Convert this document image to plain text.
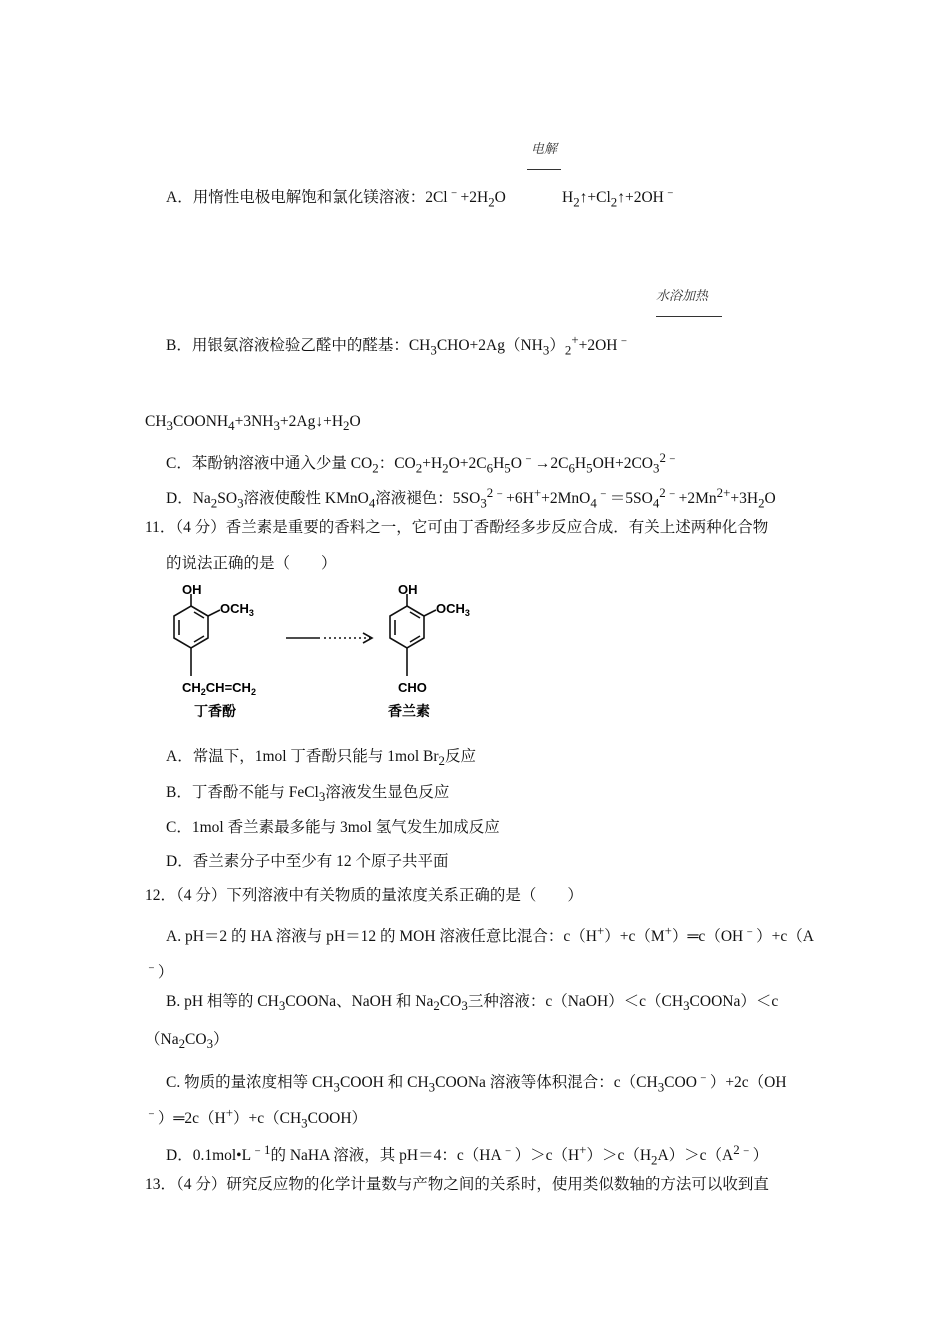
电解
A．用惰性电极电解饱和氯化镁溶液：$2Cl^﹣+2H_2O$	$H_2↑+Cl_2↑+2OH^﹣$
水浴加热
B．用银氨溶液检验乙醛中的醛基：$CH_3CHO+2Ag(NH_3)_2^++2OH^﹣$
$CH_3COONH_4+3NH_3+2Ag↓+H_2O$
C．苯酚钠溶液中通入少量 $CO_2$：$CO_2+H_2O+2C_6H_5O^﹣\to 2C_6H_5OH+2CO_3^{2﹣}$
D．$Na_2SO_3$溶液使酸性 KMnO$_4$溶液褪色：$5SO_3^{2﹣}+6H^++2MnO_4^﹣=5SO_4^{2﹣}+2Mn^{2+}+3H_2O$
11．（4 分）香兰素是重要的香料之一，它可由丁香酚经多步反应合成．有关上述两种化合物
的说法正确的是（　　）
OH
$OCH_3$
$CH_2CH=CH_2$
丁香酚
OH
$OCH_3$
CHO
香兰素
A．常温下，1mol 丁香酚只能与 1mol $Br_2$反应
B．丁香酚不能与 FeCl$_3$溶液发生显色反应
C．1mol 香兰素最多能与 3mol 氢气发生加成反应
D．香兰素分子中至少有 12 个原子共平面
12．（4 分）下列溶液中有关物质的量浓度关系正确的是（　　）
A. pH＝2 的 HA 溶液与 pH＝12 的 MOH 溶液任意比混合：c（H+）+c（M+）═c（OH﹣）+c（A
﹣）
B. pH 相等的 $CH_3COONa$、NaOH 和 $Na_2CO_3$三种溶液：$c(NaOH)<c(CH_3COONa)<c$
$(Na_2CO_3)$
C. 物质的量浓度相等 $CH_3COOH$ 和 $CH_3COONa$ 溶液等体积混合：$c(CH_3COO^﹣)+2c(OH$
$^﹣)═2c(H^+)+c(CH_3COOH)$
D．$0.1mol•L^{﹣1}$的 NaHA 溶液，其 pH＝4：$c(HA^﹣)>c(H^+)>c(H_2A)>c(A^{2﹣})$
13．（4 分）研究反应物的化学计量数与产物之间的关系时，使用类似数轴的方法可以收到直
